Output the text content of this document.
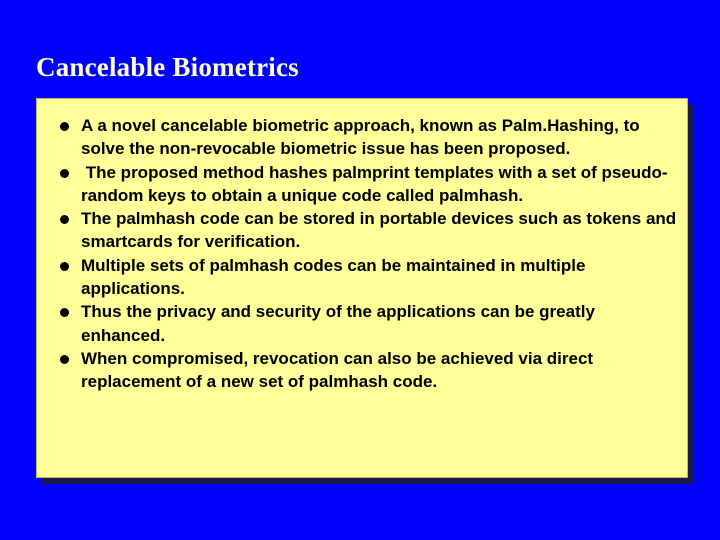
Cancelable Biometrics
A a novel cancelable biometric approach, known as Palm.Hashing, to solve the non-revocable biometric issue has been proposed.
The proposed method hashes palmprint templates with a set of pseudo-random keys to obtain a unique code called palmhash.
The palmhash code can be stored in portable devices such as tokens and smartcards for verification.
Multiple sets of palmhash codes can be maintained in multiple applications.
Thus the privacy and security of the applications can be greatly enhanced.
When compromised, revocation can also be achieved via direct replacement of a new set of palmhash code.
